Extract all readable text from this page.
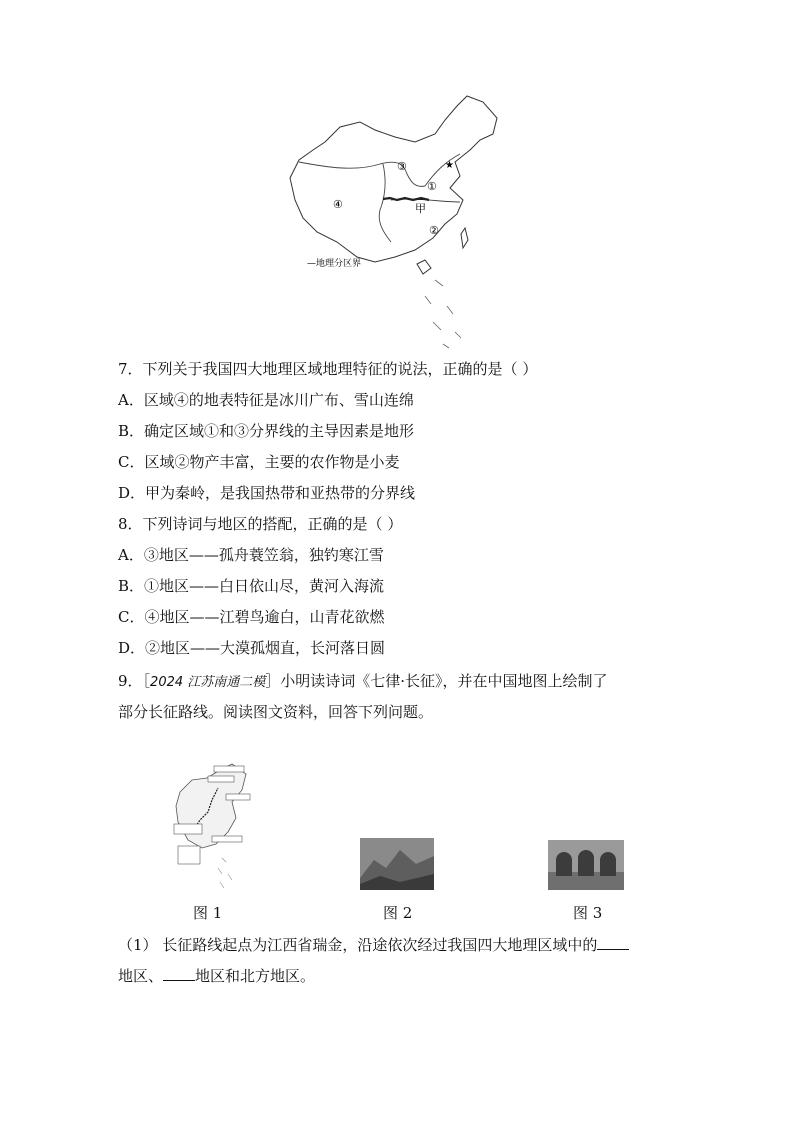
★
③
①
④	甲
②
—地理分区界
7．下列关于我国四大地理区域地理特征的说法，正确的是（ ）
A．区域④的地表特征是冰川广布、雪山连绵
B．确定区域①和③分界线的主导因素是地形
C．区域②物产丰富，主要的农作物是小麦
D．甲为秦岭，是我国热带和亚热带的分界线
8．下列诗词与地区的搭配，正确的是（ ）
A．③地区——孤舟蓑笠翁，独钓寒江雪
B．①地区——白日依山尽，黄河入海流
C．④地区——江碧鸟逾白，山青花欲燃
D．②地区——大漠孤烟直，长河落日圆
9．［2024 江苏南通二模］小明读诗词《七律·长征》，并在中国地图上绘制了
部分长征路线。阅读图文资料，回答下列问题。
图 1	图 2	图 3
（1） 长征路线起点为江西省瑞金，沿途依次经过我国四大地理区域中的
地区、 地区和北方地区。
